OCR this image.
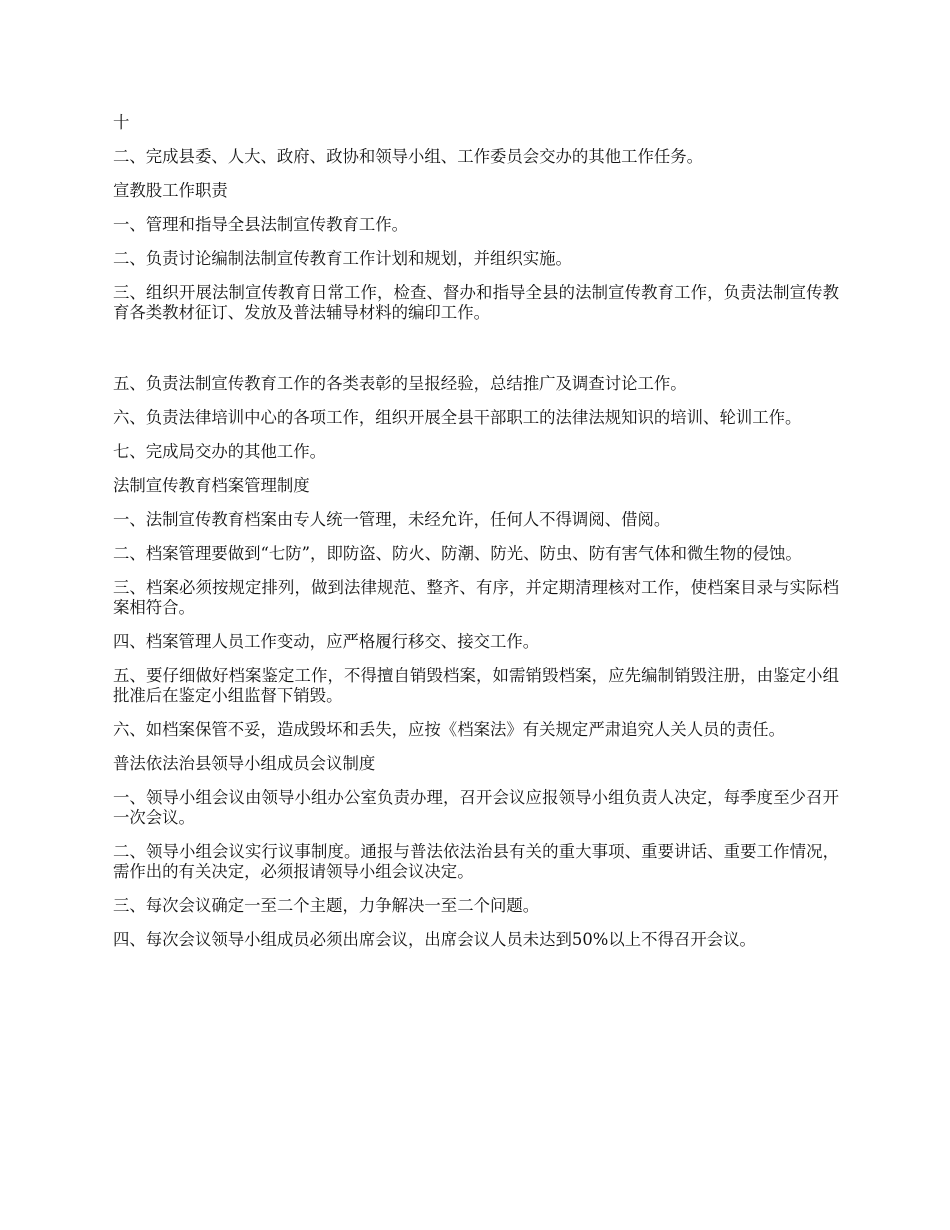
十

二、完成县委、人大、政府、政协和领导小组、工作委员会交办的其他工作任务。

宣教股工作职责

一、管理和指导全县法制宣传教育工作。

二、负责讨论编制法制宣传教育工作计划和规划，并组织实施。

三、组织开展法制宣传教育日常工作，检查、督办和指导全县的法制宣传教育工作，负责法制宣传教育各类教材征订、发放及普法辅导材料的编印工作。

五、负责法制宣传教育工作的各类表彰的呈报经验，总结推广及调查讨论工作。

六、负责法律培训中心的各项工作，组织开展全县干部职工的法律法规知识的培训、轮训工作。

七、完成局交办的其他工作。

法制宣传教育档案管理制度

一、法制宣传教育档案由专人统一管理，未经允许，任何人不得调阅、借阅。

二、档案管理要做到“七防”，即防盗、防火、防潮、防光、防虫、防有害气体和微生物的侵蚀。

三、档案必须按规定排列，做到法律规范、整齐、有序，并定期清理核对工作，使档案目录与实际档案相符合。

四、档案管理人员工作变动，应严格履行移交、接交工作。

五、要仔细做好档案鉴定工作，不得擅自销毁档案，如需销毁档案，应先编制销毁注册，由鉴定小组批准后在鉴定小组监督下销毁。

六、如档案保管不妥，造成毁坏和丢失，应按《档案法》有关规定严肃追究人关人员的责任。

普法依法治县领导小组成员会议制度

一、领导小组会议由领导小组办公室负责办理，召开会议应报领导小组负责人决定，每季度至少召开一次会议。

二、领导小组会议实行议事制度。通报与普法依法治县有关的重大事项、重要讲话、重要工作情况，需作出的有关决定，必须报请领导小组会议决定。

三、每次会议确定一至二个主题，力争解决一至二个问题。

四、每次会议领导小组成员必须出席会议，出席会议人员未达到50%以上不得召开会议。
